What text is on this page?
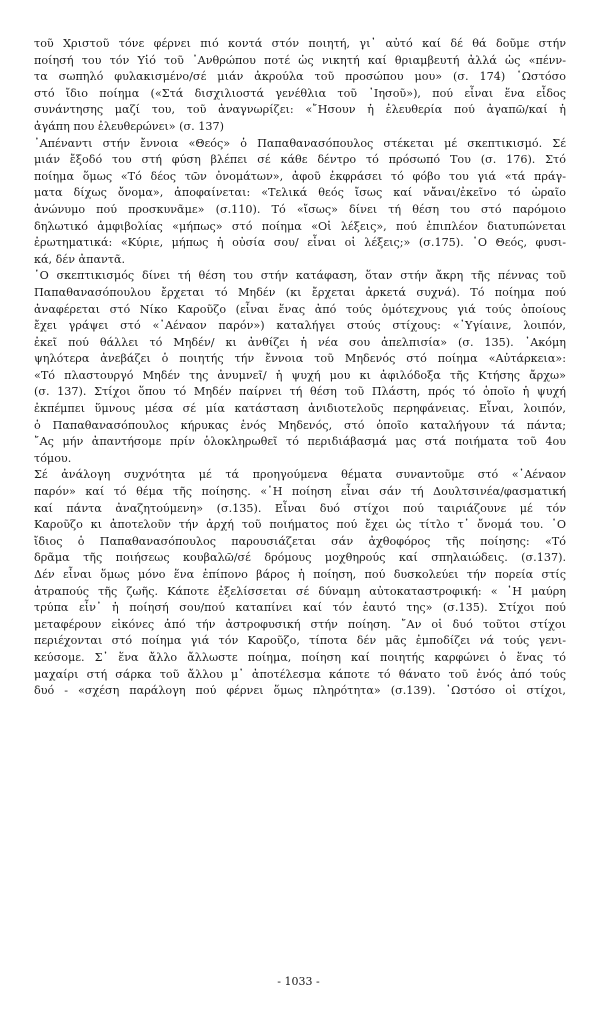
τοῦ Χριστοῦ τόνε φέρνει πιό κοντά στόν ποιητή, γι᾽ αὐτό καί δέ θά δοῦμε στήν
ποίησή του τόν Υἱό τοῦ ᾽Ανθρώπου ποτέ ὡς νικητή καί θριαμβευτή ἀλλά ὡς «πένν-
τα σωπηλό φυλακισμένο/σέ μιάν ἀκρούλα τοῦ προσώπου μου» (σ. 174) ῾Ωστόσο
στό ἴδιο ποίημα («Στά δισχιλιοστά γενέθλια τοῦ ᾽Ιησοῦ»), πού εἶναι ἕνα εἶδος
συνάντησης μαζί του, τοῦ ἀναγνωρίζει: «῎Ησουν ἡ ἐλευθερία πού ἀγαπῶ/καί ἡ
ἀγάπη που ἐλευθερώνει» (σ. 137)
᾽Απέναντι στήν ἔννοια «Θεός» ὁ Παπαθανασόπουλος στέκεται μέ σκεπτικισμό. Σέ
μιάν ἔξοδό του στή φύση βλέπει σέ κάθε δέντρο τό πρόσωπό Του (σ. 176). Στό
ποίημα ὅμως «Τό δέος τῶν ὀνομάτων», ἀφοῦ ἐκφράσει τό φόβο του γιά «τά πράγ-
ματα δίχως ὄνομα», ἀποφαίνεται: «Τελικά θεός ἴσως καί νἄναι/ἐκεῖνο τό ὡραῖο
ἀνώνυμο πού προσκυνᾶμε» (σ.110). Τό «ἴσως» δίνει τή θέση του στό παρόμοιο
δηλωτικό ἀμφιβολίας «μήπως» στό ποίημα «Οἱ λέξεις», πού ἐπιπλέον διατυπώνεται
ἐρωτηματικά: «Κύριε, μήπως ἡ οὐσία σου/ εἶναι οἱ λέξεις;» (σ.175). ῾Ο Θεός, φυσι-
κά, δέν ἀπαντᾶ.
῾Ο σκεπτικισμός δίνει τή θέση του στήν κατάφαση, ὅταν στήν ἄκρη τῆς πέννας τοῦ
Παπαθανασόπουλου ἔρχεται τό Μηδέν (κι ἔρχεται ἀρκετά συχνά). Τό ποίημα πού
ἀναφέρεται στό Νίκο Καροῦζο (εἶναι ἕνας ἀπό τούς ὁμότεχνους γιά τούς ὁποίους
ἔχει γράψει στό «᾽Αέναον παρόν») καταλήγει στούς στίχους: «῾Υγίαινε, λοιπόν,
ἐκεῖ πού θάλλει τό Μηδέν/ κι ἀνθίζει ἡ νέα σου ἀπελπισία» (σ. 135). ᾽Ακόμη
ψηλότερα ἀνεβάζει ὁ ποιητής τήν ἔννοια τοῦ Μηδενός στό ποίημα «Αὐτάρκεια»:
«Τό πλαστουργό Μηδέν της ἀνυμνεῖ/ ἡ ψυχή μου κι ἀφιλόδοξα τῆς Κτήσης ἄρχω»
(σ. 137). Στίχοι ὅπου τό Μηδέν παίρνει τή θέση τοῦ Πλάστη, πρός τό ὁποῖο ἡ ψυχή
ἐκπέμπει ὕμνους μέσα σέ μία κατάσταση ἀνιδιοτελοῦς περηφάνειας. Εἶναι, λοιπόν,
ὁ Παπαθανασόπουλος κήρυκας ἑνός Μηδενός, στό ὁποῖο καταλήγουν τά πάντα;
῎Ας μήν ἀπαντήσομε πρίν ὁλοκληρωθεῖ τό περιδιάβασμά μας στά ποιήματα τοῦ 4ου
τόμου.
Σέ ἀνάλογη συχνότητα μέ τά προηγούμενα θέματα συναντοῦμε στό «᾽Αέναον
παρόν» καί τό θέμα τῆς ποίησης. «῾Η ποίηση εἶναι σάν τή Δουλτσινέα/φασματική
καί πάντα ἀναζητούμενη» (σ.135). Εἶναι δυό στίχοι πού ταιριάζουνε μέ τόν
Καροῦζο κι ἀποτελοῦν τήν ἀρχή τοῦ ποιήματος πού ἔχει ὡς τίτλο τ᾽ ὄνομά του. ῾Ο
ἴδιος ὁ Παπαθανασόπουλος παρουσιάζεται σάν ἀχθοφόρος τῆς ποίησης: «Τό
δρᾶμα τῆς ποιήσεως κουβαλῶ/σέ δρόμους μοχθηρούς καί σπηλαιώδεις. (σ.137).
Δέν εἶναι ὅμως μόνο ἕνα ἐπίπονο βάρος ἡ ποίηση, πού δυσκολεύει τήν πορεία στίς
ἀτραπούς τῆς ζωῆς. Κάποτε ἐξελίσσεται σέ δύναμη αὐτοκαταστροφική: « ῾Η μαύρη
τρύπα εἶν᾽ ἡ ποίησή σου/πού καταπίνει καί τόν ἑαυτό της» (σ.135). Στίχοι πού
μεταφέρουν εἰκόνες ἀπό τήν ἀστροφυσική στήν ποίηση. ῎Αν οἱ δυό τοῦτοι στίχοι
περιέχονται στό ποίημα γιά τόν Καροῦζο, τίποτα δέν μᾶς ἐμποδίζει νά τούς γενι-
κεύσομε. Σ᾽ ἕνα ἄλλο ἄλλωστε ποίημα, ποίηση καί ποιητής καρφώνει ὁ ἕνας τό
μαχαίρι στή σάρκα τοῦ ἄλλου μ᾽ ἀποτέλεσμα κάποτε τό θάνατο τοῦ ἑνός ἀπό τούς
δυό - «σχέση παράλογη πού φέρνει ὅμως πληρότητα» (σ.139). ῾Ωστόσο οἱ στίχοι,
- 1033 -
